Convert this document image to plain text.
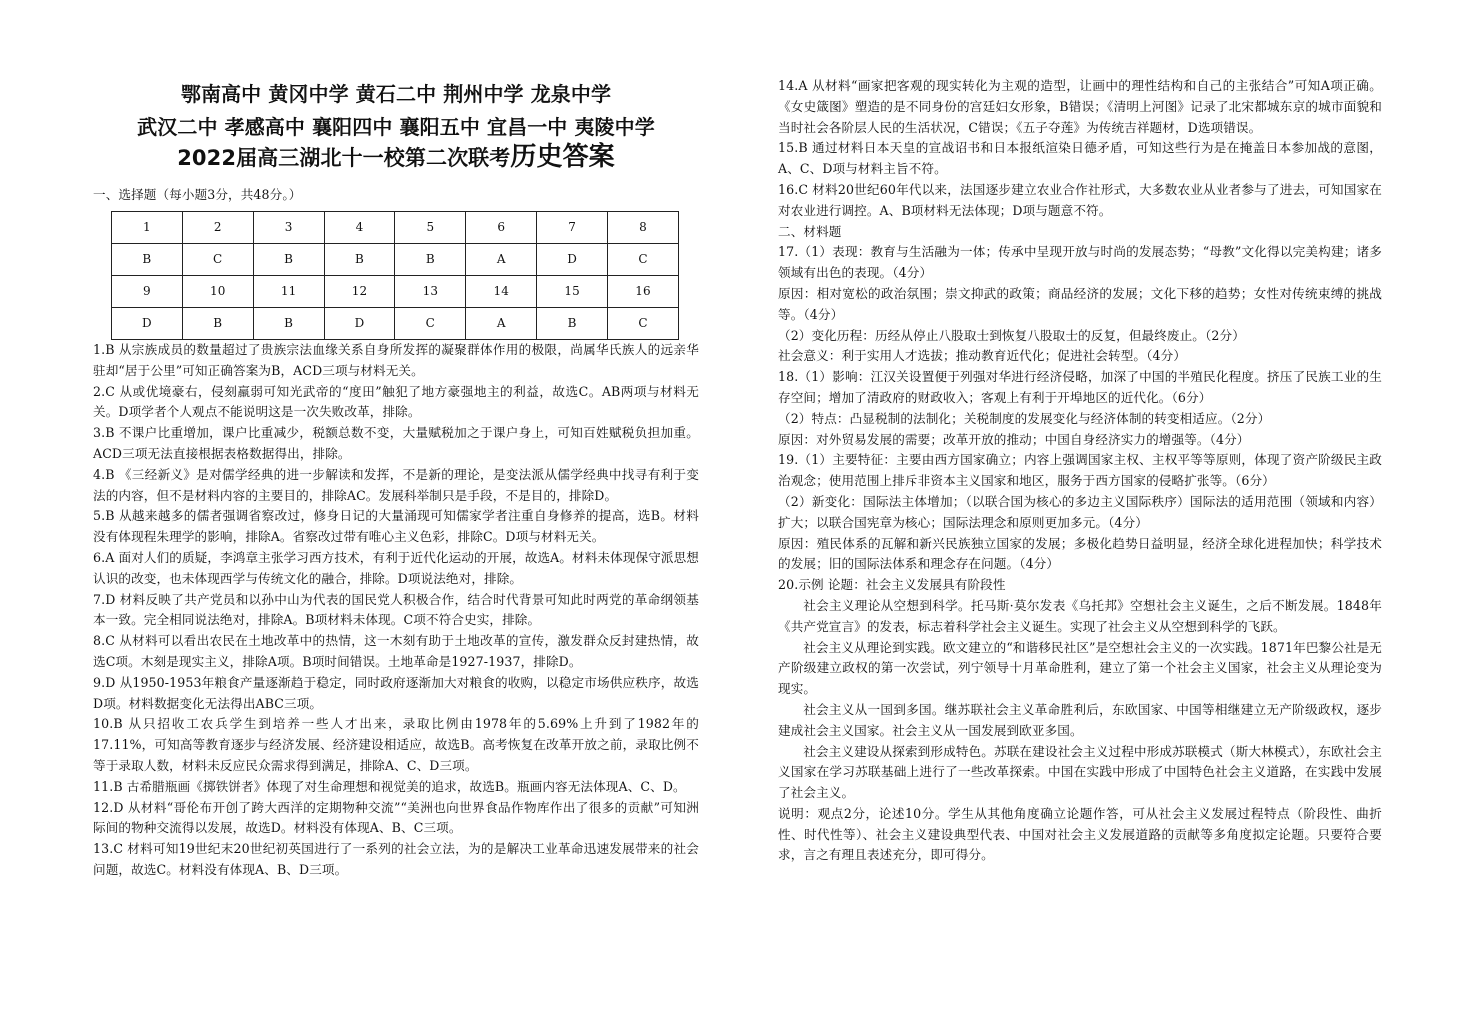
鄂南高中 黄冈中学 黄石二中 荆州中学 龙泉中学
武汉二中 孝感高中 襄阳四中 襄阳五中 宜昌一中 夷陵中学
2022届高三湖北十一校第二次联考历史答案
一、选择题（每小题3分，共48分。）
1	2	3	4	5	6	7	8
B	C	B	B	B	A	D	C
9	10	11	12	13	14	15	16
D	B	B	D	C	A	B	C

1.B 从宗族成员的数量超过了贵族宗法血缘关系自身所发挥的凝聚群体作用的极限，尚属华氏族人的远亲华驻却“居于公里”可知正确答案为B，ACD三项与材料无关。

2.C 从或优境豪右，侵刻羸弱可知光武帝的“度田”触犯了地方豪强地主的利益，故选C。AB两项与材料无关。D项学者个人观点不能说明这是一次失败改革，排除。

3.B 不课户比重增加，课户比重减少，税额总数不变，大量赋税加之于课户身上，可知百姓赋税负担加重。ACD三项无法直接根据表格数据得出，排除。

4.B 《三经新义》是对儒学经典的进一步解读和发挥，不是新的理论，是变法派从儒学经典中找寻有利于变法的内容，但不是材料内容的主要目的，排除AC。发展科举制只是手段，不是目的，排除D。

5.B 从越来越多的儒者强调省察改过，修身日记的大量涌现可知儒家学者注重自身修养的提高，选B。材料没有体现程朱理学的影响，排除A。省察改过带有唯心主义色彩，排除C。D项与材料无关。

6.A 面对人们的质疑，李鸿章主张学习西方技术，有利于近代化运动的开展，故选A。材料未体现保守派思想认识的改变，也未体现西学与传统文化的融合，排除。D项说法绝对，排除。

7.D 材料反映了共产党员和以孙中山为代表的国民党人积极合作，结合时代背景可知此时两党的革命纲领基本一致。完全相同说法绝对，排除A。B项材料未体现。C项不符合史实，排除。

8.C 从材料可以看出农民在土地改革中的热情，这一木刻有助于土地改革的宣传，激发群众反封建热情，故选C项。木刻是现实主义，排除A项。B项时间错误。土地革命是1927-1937，排除D。

9.D 从1950-1953年粮食产量逐渐趋于稳定，同时政府逐渐加大对粮食的收购，以稳定市场供应秩序，故选D项。材料数据变化无法得出ABC三项。

10.B 从只招收工农兵学生到培养一些人才出来，录取比例由1978年的5.69%上升到了1982年的17.11%，可知高等教育逐步与经济发展、经济建设相适应，故选B。高考恢复在改革开放之前，录取比例不等于录取人数，材料未反应民众需求得到满足，排除A、C、D三项。

11.B 古希腊瓶画《掷铁饼者》体现了对生命理想和视觉美的追求，故选B。瓶画内容无法体现A、C、D。

12.D 从材料“哥伦布开创了跨大西洋的定期物种交流”“美洲也向世界食品作物库作出了很多的贡献”可知洲际间的物种交流得以发展，故选D。材料没有体现A、B、C三项。

13.C 材料可知19世纪末20世纪初英国进行了一系列的社会立法，为的是解决工业革命迅速发展带来的社会问题，故选C。材料没有体现A、B、D三项。

14.A 从材料“画家把客观的现实转化为主观的造型，让画中的理性结构和自己的主张结合”可知A项正确。《女史箴图》塑造的是不同身份的宫廷妇女形象，B错误；《清明上河图》记录了北宋都城东京的城市面貌和当时社会各阶层人民的生活状况，C错误；《五子夺莲》为传统吉祥题材，D选项错误。

15.B 通过材料日本天皇的宣战诏书和日本报纸渲染日德矛盾，可知这些行为是在掩盖日本参加战的意图，A、C、D项与材料主旨不符。

16.C 材料20世纪60年代以来，法国逐步建立农业合作社形式，大多数农业从业者参与了进去，可知国家在对农业进行调控。A、B项材料无法体现；D项与题意不符。

二、材料题

17.（1）表现：教育与生活融为一体；传承中呈现开放与时尚的发展态势；“母教”文化得以完美构建；诸多领域有出色的表现。（4分）

原因：相对宽松的政治氛围；崇文抑武的政策；商品经济的发展；文化下移的趋势；女性对传统束缚的挑战等。（4分）

（2）变化历程：历经从停止八股取士到恢复八股取士的反复，但最终废止。（2分）

社会意义：利于实用人才选拔；推动教育近代化；促进社会转型。（4分）

18.（1）影响：江汉关设置便于列强对华进行经济侵略，加深了中国的半殖民化程度。挤压了民族工业的生存空间；增加了清政府的财政收入；客观上有利于开埠地区的近代化。（6分）

（2）特点：凸显税制的法制化；关税制度的发展变化与经济体制的转变相适应。（2分）

原因：对外贸易发展的需要；改革开放的推动；中国自身经济实力的增强等。（4分）

19.（1）主要特征：主要由西方国家确立；内容上强调国家主权、主权平等等原则，体现了资产阶级民主政治观念；使用范围上排斥非资本主义国家和地区，服务于西方国家的侵略扩张等。（6分）

（2）新变化：国际法主体增加；（以联合国为核心的多边主义国际秩序）国际法的适用范围（领域和内容）扩大；以联合国宪章为核心；国际法理念和原则更加多元。（4分）

原因：殖民体系的瓦解和新兴民族独立国家的发展；多极化趋势日益明显，经济全球化进程加快；科学技术的发展；旧的国际法体系和理念存在问题。（4分）

20.示例 论题：社会主义发展具有阶段性

社会主义理论从空想到科学。托马斯·莫尔发表《乌托邦》空想社会主义诞生，之后不断发展。1848年《共产党宣言》的发表，标志着科学社会主义诞生。实现了社会主义从空想到科学的飞跃。

社会主义从理论到实践。欧文建立的“和谐移民社区”是空想社会主义的一次实践。1871年巴黎公社是无产阶级建立政权的第一次尝试，列宁领导十月革命胜利，建立了第一个社会主义国家，社会主义从理论变为现实。

社会主义从一国到多国。继苏联社会主义革命胜利后，东欧国家、中国等相继建立无产阶级政权，逐步建成社会主义国家。社会主义从一国发展到欧亚多国。

社会主义建设从探索到形成特色。苏联在建设社会主义过程中形成苏联模式（斯大林模式），东欧社会主义国家在学习苏联基础上进行了一些改革探索。中国在实践中形成了中国特色社会主义道路，在实践中发展了社会主义。

说明：观点2分，论述10分。学生从其他角度确立论题作答，可从社会主义发展过程特点（阶段性、曲折性、时代性等）、社会主义建设典型代表、中国对社会主义发展道路的贡献等多角度拟定论题。只要符合要求，言之有理且表述充分，即可得分。
